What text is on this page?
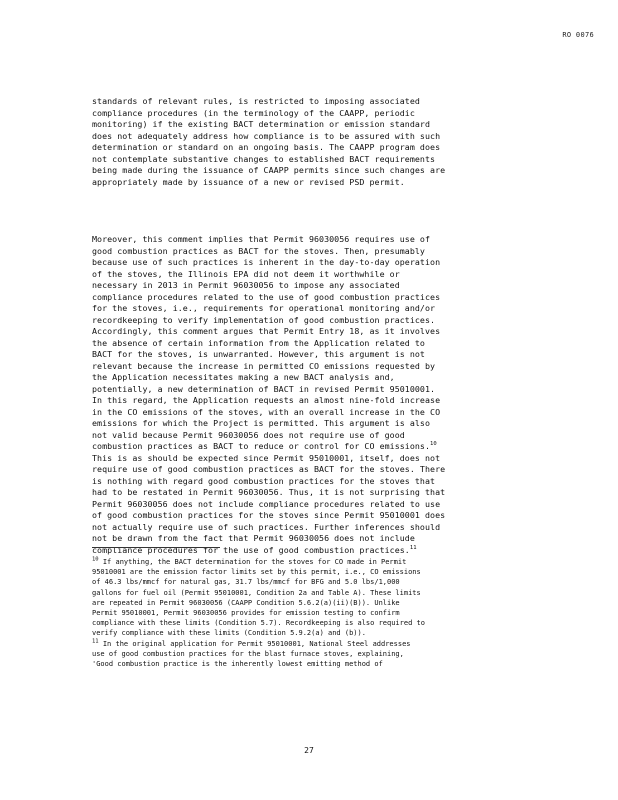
RO 0076
standards of relevant rules, is restricted to imposing associated
compliance procedures (in the terminology of the CAAPP, periodic
monitoring) if the existing BACT determination or emission standard
does not adequately address how compliance is to be assured with such
determination or standard on an ongoing basis. The CAAPP program does
not contemplate substantive changes to established BACT requirements
being made during the issuance of CAAPP permits since such changes are
appropriately made by issuance of a new or revised PSD permit.
Moreover, this comment implies that Permit 96030056 requires use of
good combustion practices as BACT for the stoves. Then, presumably
because use of such practices is inherent in the day-to-day operation
of the stoves, the Illinois EPA did not deem it worthwhile or
necessary in 2013 in Permit 96030056 to impose any associated
compliance procedures related to the use of good combustion practices
for the stoves, i.e., requirements for operational monitoring and/or
recordkeeping to verify implementation of good combustion practices.
Accordingly, this comment argues that Permit Entry 18, as it involves
the absence of certain information from the Application related to
BACT for the stoves, is unwarranted. However, this argument is not
relevant because the increase in permitted CO emissions requested by
the Application necessitates making a new BACT analysis and,
potentially, a new determination of BACT in revised Permit 95010001.
In this regard, the Application requests an almost nine-fold increase
in the CO emissions of the stoves, with an overall increase in the CO
emissions for which the Project is permitted. This argument is also
not valid because Permit 96030056 does not require use of good
combustion practices as BACT to reduce or control for CO emissions.$^{10}$
This is as should be expected since Permit 95010001, itself, does not
require use of good combustion practices as BACT for the stoves. There
is nothing with regard good combustion practices for the stoves that
had to be restated in Permit 96030056. Thus, it is not surprising that
Permit 96030056 does not include compliance procedures related to use
of good combustion practices for the stoves since Permit 95010001 does
not actually require use of such practices. Further inferences should
not be drawn from the fact that Permit 96030056 does not include
compliance procedures for the use of good combustion practices.$^{11}$
$^{10}$ If anything, the BACT determination for the stoves for CO made in Permit
95010001 are the emission factor limits set by this permit, i.e., CO emissions
of 46.3 lbs/mmcf for natural gas, 31.7 lbs/mmcf for BFG and 5.0 lbs/1,000
gallons for fuel oil (Permit 95010001, Condition 2a and Table A). These limits
are repeated in Permit 96030056 (CAAPP Condition 5.6.2(a)(ii)(B)). Unlike
Permit 95010001, Permit 96030056 provides for emission testing to confirm
compliance with these limits (Condition 5.7). Recordkeeping is also required to
verify compliance with these limits (Condition 5.9.2(a) and (b)).
$^{11}$ In the original application for Permit 95010001, National Steel addresses
use of good combustion practices for the blast furnace stoves, explaining,
'Good combustion practice is the inherently lowest emitting method of
27
